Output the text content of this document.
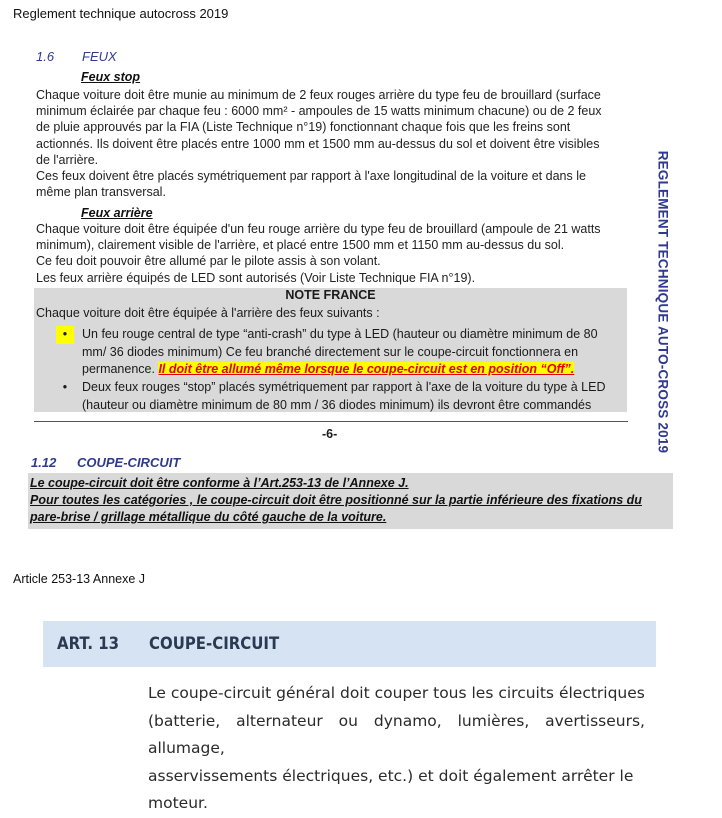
Reglement technique autocross 2019
1.6 FEUX
Feux stop
Chaque voiture doit être munie au minimum de 2 feux rouges arrière du type feu de brouillard (surface
minimum éclairée par chaque feu : 6000 mm² - ampoules de 15 watts minimum chacune) ou de 2 feux
de pluie approuvés par la FIA (Liste Technique n°19) fonctionnant chaque fois que les freins sont
actionnés. Ils doivent être placés entre 1000 mm et 1500 mm au-dessus du sol et doivent être visibles
de l'arrière.
Ces feux doivent être placés symétriquement par rapport à l'axe longitudinal de la voiture et dans le
même plan transversal.
Feux arrière
Chaque voiture doit être équipée d'un feu rouge arrière du type feu de brouillard (ampoule de 21 watts
minimum), clairement visible de l'arrière, et placé entre 1500 mm et 1150 mm au-dessus du sol.
Ce feu doit pouvoir être allumé par le pilote assis à son volant.
Les feux arrière équipés de LED sont autorisés (Voir Liste Technique FIA n°19).
NOTE FRANCE
Chaque voiture doit être équipée à l'arrière des feux suivants :
•	Un feu rouge central de type “anti-crash” du type à LED (hauteur ou diamètre minimum de 80
mm/ 36 diodes minimum) Ce feu branché directement sur le coupe-circuit fonctionnera en
permanence. Il doit être allumé même lorsque le coupe-circuit est en position “Off”.
•	Deux feux rouges “stop” placés symétriquement par rapport à l'axe de la voiture du type à LED
(hauteur ou diamètre minimum de 80 mm / 36 diodes minimum) ils devront être commandés
-6-	REGLEMENT TECHNIQUE AUTO-CROSS 2019
1.12 COUPE-CIRCUIT
Le coupe-circuit doit être conforme à l’Art.253-13 de l’Annexe J.
Pour toutes les catégories , le coupe-circuit doit être positionné sur la partie inférieure des fixations du
pare-brise / grillage métallique du côté gauche de la voiture.
Article 253-13 Annexe J
ART. 13 COUPE-CIRCUIT
Le coupe-circuit général doit couper tous les circuits électriques
(batterie, alternateur ou dynamo, lumières, avertisseurs, allumage,
asservissements électriques, etc.) et doit également arrêter le
moteur.
